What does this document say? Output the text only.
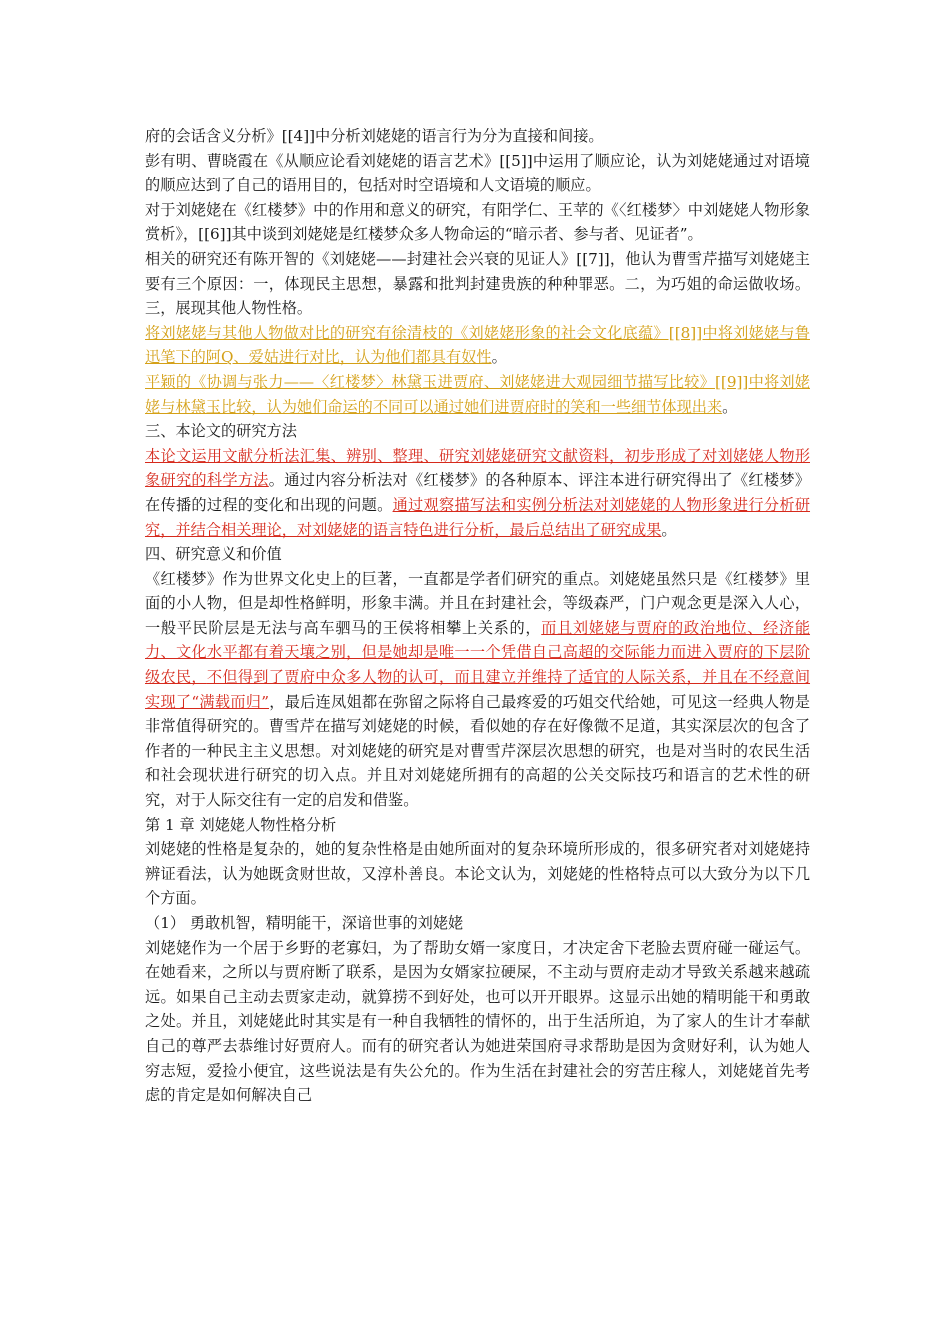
府的会话含义分析》[[4]]中分析刘姥姥的语言行为分为直接和间接。

彭有明、曹晓霞在《从顺应论看刘姥姥的语言艺术》[[5]]中运用了顺应论，认为刘姥姥通过对语境的顺应达到了自己的语用目的，包括对时空语境和人文语境的顺应。

对于刘姥姥在《红楼梦》中的作用和意义的研究，有阳学仁、王苹的《〈红楼梦〉中刘姥姥人物形象赏析》，[[6]]其中谈到刘姥姥是红楼梦众多人物命运的“暗示者、参与者、见证者”。

相关的研究还有陈开智的《刘姥姥——封建社会兴衰的见证人》[[7]]，他认为曹雪芹描写刘姥姥主要有三个原因：一，体现民主思想，暴露和批判封建贵族的种种罪恶。二，为巧姐的命运做收场。三，展现其他人物性格。

将刘姥姥与其他人物做对比的研究有徐清枝的《刘姥姥形象的社会文化底蕴》[[8]]中将刘姥姥与鲁迅笔下的阿Q、爱姑进行对比，认为他们都具有奴性。

平颖的《协调与张力——〈红楼梦〉林黛玉进贾府、刘姥姥进大观园细节描写比较》[[9]]中将刘姥姥与林黛玉比较，认为她们命运的不同可以通过她们进贾府时的笑和一些细节体现出来。

三、本论文的研究方法

本论文运用文献分析法汇集、辨别、整理、研究刘姥姥研究文献资料，初步形成了对刘姥姥人物形象研究的科学方法。通过内容分析法对《红楼梦》的各种原本、评注本进行研究得出了《红楼梦》在传播的过程的变化和出现的问题。通过观察描写法和实例分析法对刘姥姥的人物形象进行分析研究，并结合相关理论，对刘姥姥的语言特色进行分析，最后总结出了研究成果。

四、研究意义和价值

《红楼梦》作为世界文化史上的巨著，一直都是学者们研究的重点。刘姥姥虽然只是《红楼梦》里面的小人物，但是却性格鲜明，形象丰满。并且在封建社会，等级森严，门户观念更是深入人心，一般平民阶层是无法与高车驷马的王侯将相攀上关系的，而且刘姥姥与贾府的政治地位、经济能力、文化水平都有着天壤之别，但是她却是唯一一个凭借自己高超的交际能力而进入贾府的下层阶级农民，不但得到了贾府中众多人物的认可，而且建立并维持了适宜的人际关系，并且在不经意间实现了“满载而归”，最后连凤姐都在弥留之际将自己最疼爱的巧姐交代给她，可见这一经典人物是非常值得研究的。曹雪芹在描写刘姥姥的时候，看似她的存在好像微不足道，其实深层次的包含了作者的一种民主主义思想。对刘姥姥的研究是对曹雪芹深层次思想的研究，也是对当时的农民生活和社会现状进行研究的切入点。并且对刘姥姥所拥有的高超的公关交际技巧和语言的艺术性的研究，对于人际交往有一定的启发和借鉴。

第 1 章 刘姥姥人物性格分析

刘姥姥的性格是复杂的，她的复杂性格是由她所面对的复杂环境所形成的，很多研究者对刘姥姥持辨证看法，认为她既贪财世故，又淳朴善良。本论文认为，刘姥姥的性格特点可以大致分为以下几个方面。

（1） 勇敢机智，精明能干，深谙世事的刘姥姥

刘姥姥作为一个居于乡野的老寡妇，为了帮助女婿一家度日，才决定舍下老脸去贾府碰一碰运气。在她看来，之所以与贾府断了联系，是因为女婿家拉硬屎，不主动与贾府走动才导致关系越来越疏远。如果自己主动去贾家走动，就算捞不到好处，也可以开开眼界。这显示出她的精明能干和勇敢之处。并且，刘姥姥此时其实是有一种自我牺牲的情怀的，出于生活所迫，为了家人的生计才奉献自己的尊严去恭维讨好贾府人。而有的研究者认为她进荣国府寻求帮助是因为贪财好利，认为她人穷志短，爱捡小便宜，这些说法是有失公允的。作为生活在封建社会的穷苦庄稼人，刘姥姥首先考虑的肯定是如何解决自己
